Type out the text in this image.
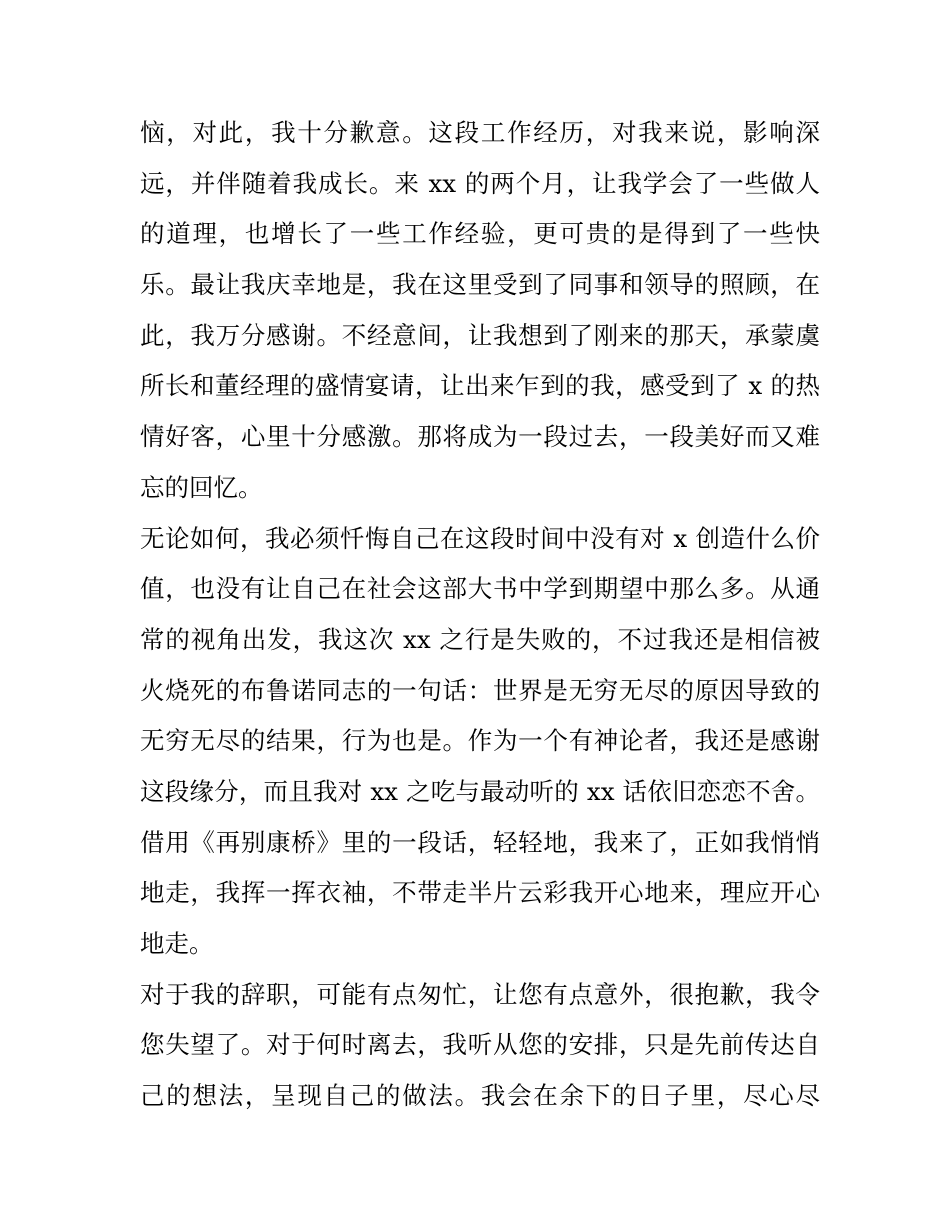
恼，对此，我十分歉意。这段工作经历，对我来说，影响深
远，并伴随着我成长。来 xx 的两个月，让我学会了一些做人
的道理，也增长了一些工作经验，更可贵的是得到了一些快
乐。最让我庆幸地是，我在这里受到了同事和领导的照顾，在
此，我万分感谢。不经意间，让我想到了刚来的那天，承蒙虞
所长和董经理的盛情宴请，让出来乍到的我，感受到了 x 的热
情好客，心里十分感激。那将成为一段过去，一段美好而又难
忘的回忆。
无论如何，我必须忏悔自己在这段时间中没有对 x 创造什么价
值，也没有让自己在社会这部大书中学到期望中那么多。从通
常的视角出发，我这次 xx 之行是失败的，不过我还是相信被
火烧死的布鲁诺同志的一句话：世界是无穷无尽的原因导致的
无穷无尽的结果，行为也是。作为一个有神论者，我还是感谢
这段缘分，而且我对 xx 之吃与最动听的 xx 话依旧恋恋不舍。
借用《再别康桥》里的一段话，轻轻地，我来了，正如我悄悄
地走，我挥一挥衣袖，不带走半片云彩我开心地来，理应开心
地走。
对于我的辞职，可能有点匆忙，让您有点意外，很抱歉，我令
您失望了。对于何时离去，我听从您的安排，只是先前传达自
己的想法，呈现自己的做法。我会在余下的日子里，尽心尽
